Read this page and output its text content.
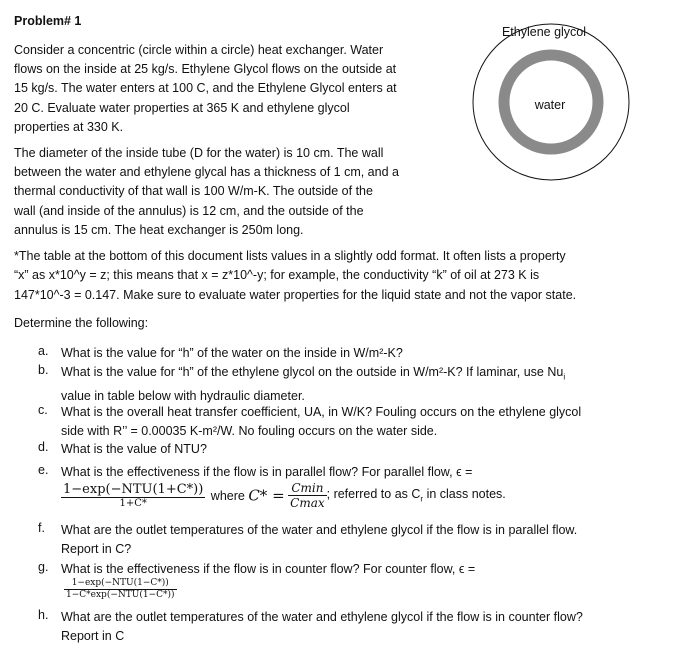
Problem# 1
Consider a concentric (circle within a circle) heat exchanger. Water
flows on the inside at 25 kg/s. Ethylene Glycol flows on the outside at
15 kg/s. The water enters at 100 C, and the Ethylene Glycol enters at
20 C. Evaluate water properties at 365 K and ethylene glycol
properties at 330 K.
The diameter of the inside tube (D for the water) is 10 cm. The wall
between the water and ethylene glycal has a thickness of 1 cm, and a
thermal conductivity of that wall is 100 W/m-K. The outside of the
wall (and inside of the annulus) is 12 cm, and the outside of the
annulus is 15 cm. The heat exchanger is 250m long.
Ethylene glycol
water
*The table at the bottom of this document lists values in a slightly odd format. It often lists a property
“x” as x*10^y = z; this means that x = z*10^-y; for example, the conductivity “k” of oil at 273 K is
147*10^-3 = 0.147. Make sure to evaluate water properties for the liquid state and not the vapor state.
Determine the following:
a. What is the value for “h” of the water on the inside in W/m²-K?
b. What is the value for “h” of the ethylene glycol on the outside in W/m²-K? If laminar, use $Nu_i$
value in table below with hydraulic diameter.
c. What is the overall heat transfer coefficient, UA, in W/K? Fouling occurs on the ethylene glycol
side with R’’ = 0.00035 K-m²/W. No fouling occurs on the water side.
d. What is the value of NTU?
e. What is the effectiveness if the flow is in parallel flow? For parallel flow, ϵ =
$\frac{\text{1−exp(−NTU(1+C*))}}{1+C*}$ where $C* = \frac{Cmin}{Cmax}$ ; referred to as $C_r$ in class notes.
f. What are the outlet temperatures of the water and ethylene glycol if the flow is in parallel flow.
Report in C?
g. What is the effectiveness if the flow is in counter flow? For counter flow, ϵ =
$\frac{\text{1−exp(−NTU(1−C*))}}{\text{1−C*exp(−NTU(1−C*))}}$
h. What are the outlet temperatures of the water and ethylene glycol if the flow is in counter flow?
Report in C
